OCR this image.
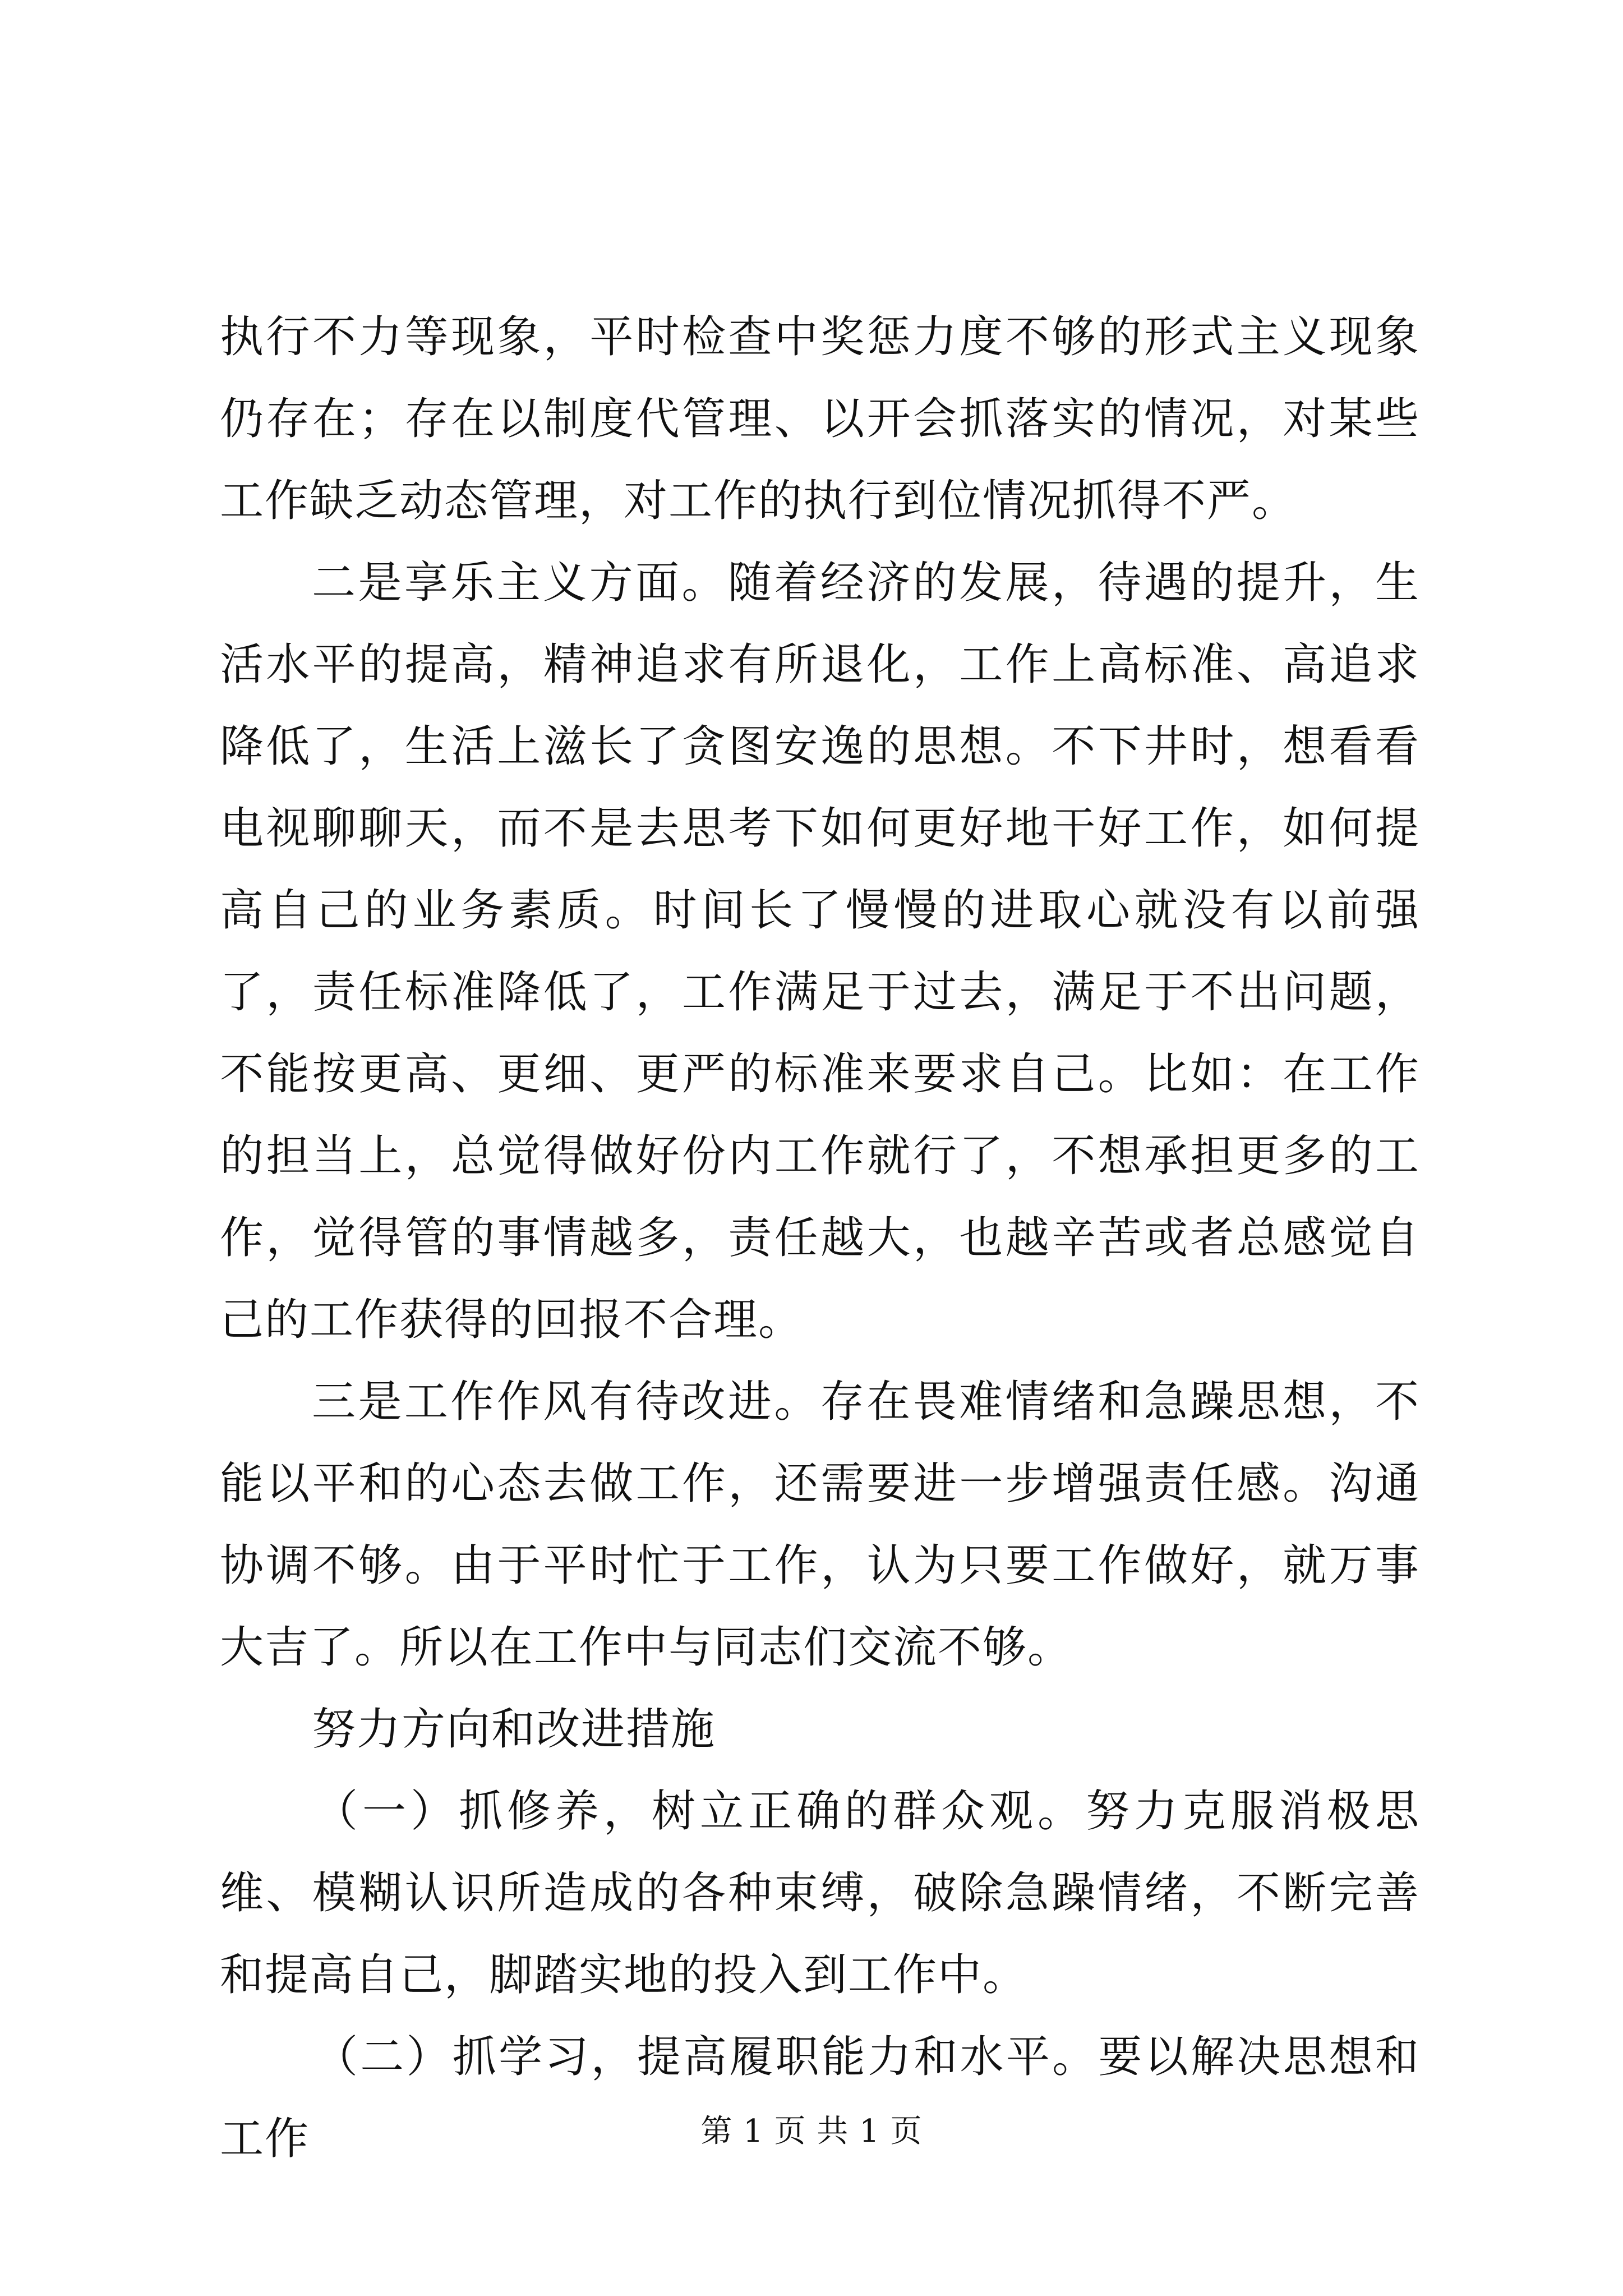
执行不力等现象，平时检查中奖惩力度不够的形式主义现象仍存在；存在以制度代管理、以开会抓落实的情况，对某些工作缺乏动态管理，对工作的执行到位情况抓得不严。

二是享乐主义方面。随着经济的发展，待遇的提升，生活水平的提高，精神追求有所退化，工作上高标准、高追求降低了，生活上滋长了贪图安逸的思想。不下井时，想看看电视聊聊天，而不是去思考下如何更好地干好工作，如何提高自己的业务素质。时间长了慢慢的进取心就没有以前强了，责任标准降低了，工作满足于过去，满足于不出问题，不能按更高、更细、更严的标准来要求自己。比如：在工作的担当上，总觉得做好份内工作就行了，不想承担更多的工作，觉得管的事情越多，责任越大，也越辛苦或者总感觉自己的工作获得的回报不合理。

三是工作作风有待改进。存在畏难情绪和急躁思想，不能以平和的心态去做工作，还需要进一步增强责任感。沟通协调不够。由于平时忙于工作，认为只要工作做好，就万事大吉了。所以在工作中与同志们交流不够。

努力方向和改进措施

（一）抓修养，树立正确的群众观。努力克服消极思维、模糊认识所造成的各种束缚，破除急躁情绪，不断完善和提高自己，脚踏实地的投入到工作中。

（二）抓学习，提高履职能力和水平。要以解决思想和工作	第 1 页 共 1 页
